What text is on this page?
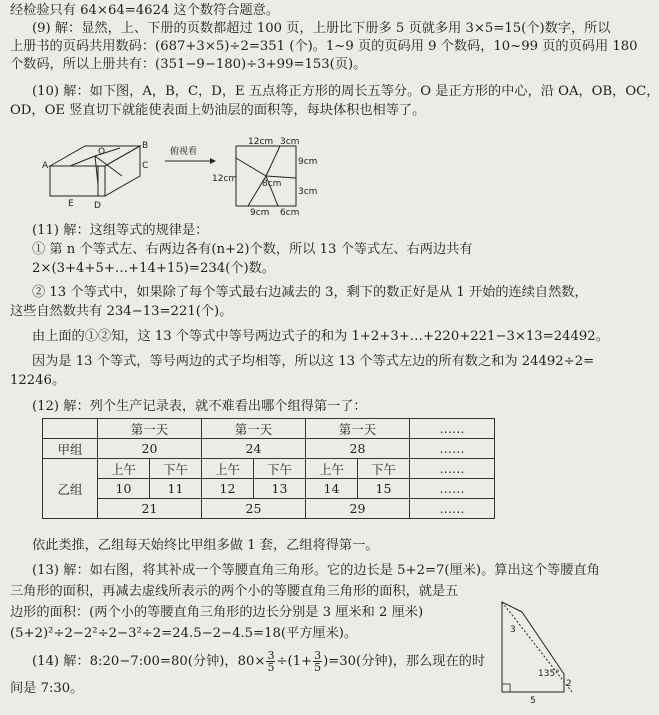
经检验只有 64×64=4624 这个数符合题意。
(9) 解：显然，上、下册的页数都超过 100 页，上册比下册多 5 页就多用 3×5=15(个)数字，所以
上册书的页码共用数码：(687+3×5)÷2=351 (个)。1~9 页的页码用 9 个数码，10~99 页的页码用 180
个数码，所以上册共有：(351−9−180)÷3+99=153(页)。
(10) 解：如下图，A，B，C，D，E 五点将正方形的周长五等分。O 是正方形的中心，沿 OA，OB，OC，
OD，OE 竖直切下就能使表面上奶油层的面积等，每块体积也相等了。
A
B
C
D
E
O	俯视看
12cm 3cm
12cm
9cm
3cm
9cm 6cm
8cm
(11) 解：这组等式的规律是：
① 第 n 个等式左、右两边各有(n+2)个数，所以 13 个等式左、右两边共有
2×(3+4+5+…+14+15)=234(个)数。
② 13 个等式中，如果除了每个等式最右边减去的 3，剩下的数正好是从 1 开始的连续自然数，
这些自然数共有 234−13=221(个)。
由上面的①②知，这 13 个等式中等号两边式子的和为 1+2+3+…+220+221−3×13=24492。
因为是 13 个等式，等号两边的式子均相等，所以这 13 个等式左边的所有数之和为 24492÷2=
12246。
(12) 解：列个生产记录表，就不难看出哪个组得第一了：
	第一天		第一天		第一天		……
甲组	20		24		28		……
乙组	上午	下午	上午	下午	上午	下午	……
	10	11	12	13	14	15	……
	21		25		29		……
依此类推，乙组每天始终比甲组多做 1 套，乙组将得第一。
(13) 解：如右图，将其补成一个等腰直角三角形。它的边长是 5+2=7(厘米)。算出这个等腰直角
三角形的面积，再减去虚线所表示的两个小的等腰直角三角形的面积，就是五
边形的面积：(两个小的等腰直角三角形的边长分别是 3 厘米和 2 厘米)
(5+2)²÷2−2²÷2−3²÷2=24.5−2−4.5=18(平方厘米)。
(14) 解：8:20−7:00=80(分钟)，$80\times \frac{3}{5} \div(1+ \frac{3}{5} )=30$(分钟)，那么现在的时
间是 7:30。
3
135°
2
5
